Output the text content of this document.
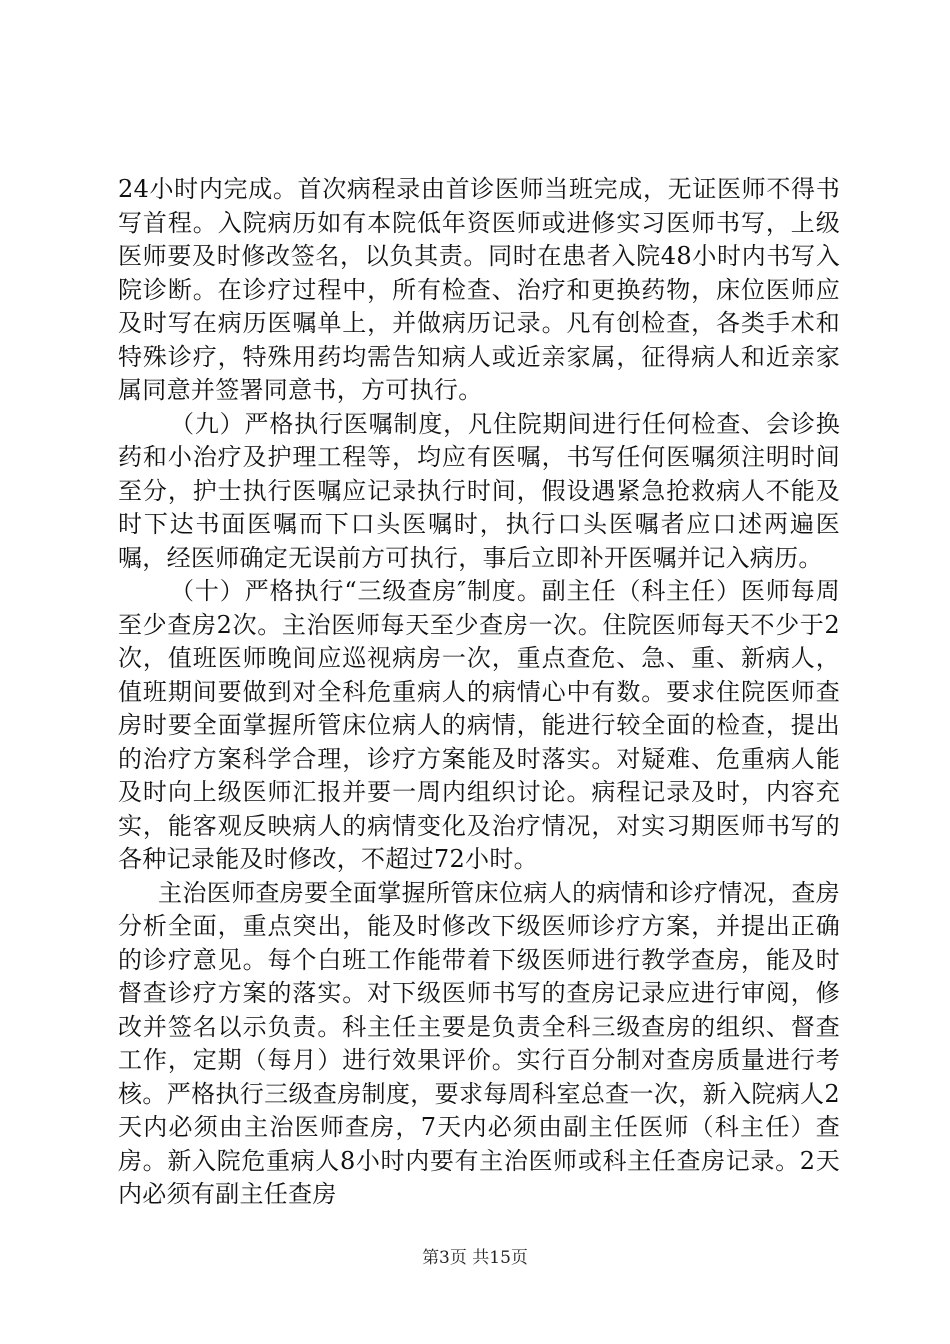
24小时内完成。首次病程录由首诊医师当班完成，无证医师不得书写首程。入院病历如有本院低年资医师或进修实习医师书写，上级医师要及时修改签名，以负其责。同时在患者入院48小时内书写入院诊断。在诊疗过程中，所有检查、治疗和更换药物，床位医师应及时写在病历医嘱单上，并做病历记录。凡有创检查，各类手术和特殊诊疗，特殊用药均需告知病人或近亲家属，征得病人和近亲家属同意并签署同意书，方可执行。

（九）严格执行医嘱制度，凡住院期间进行任何检查、会诊换药和小治疗及护理工程等，均应有医嘱，书写任何医嘱须注明时间至分，护士执行医嘱应记录执行时间，假设遇紧急抢救病人不能及时下达书面医嘱而下口头医嘱时，执行口头医嘱者应口述两遍医嘱，经医师确定无误前方可执行，事后立即补开医嘱并记入病历。

（十）严格执行“三级查房″制度。副主任（科主任）医师每周至少查房2次。主治医师每天至少查房一次。住院医师每天不少于2次，值班医师晚间应巡视病房一次，重点查危、急、重、新病人，值班期间要做到对全科危重病人的病情心中有数。要求住院医师查房时要全面掌握所管床位病人的病情，能进行较全面的检查，提出的治疗方案科学合理，诊疗方案能及时落实。对疑难、危重病人能及时向上级医师汇报并要一周内组织讨论。病程记录及时，内容充实，能客观反映病人的病情变化及治疗情况，对实习期医师书写的各种记录能及时修改，不超过72小时。

主治医师查房要全面掌握所管床位病人的病情和诊疗情况，查房分析全面，重点突出，能及时修改下级医师诊疗方案，并提出正确的诊疗意见。每个白班工作能带着下级医师进行教学查房，能及时督查诊疗方案的落实。对下级医师书写的查房记录应进行审阅，修改并签名以示负责。科主任主要是负责全科三级查房的组织、督查工作，定期（每月）进行效果评价。实行百分制对查房质量进行考核。严格执行三级查房制度，要求每周科室总查一次，新入院病人2天内必须由主治医师查房，7天内必须由副主任医师（科主任）查房。新入院危重病人8小时内要有主治医师或科主任查房记录。2天内必须有副主任查房

第3页 共15页
